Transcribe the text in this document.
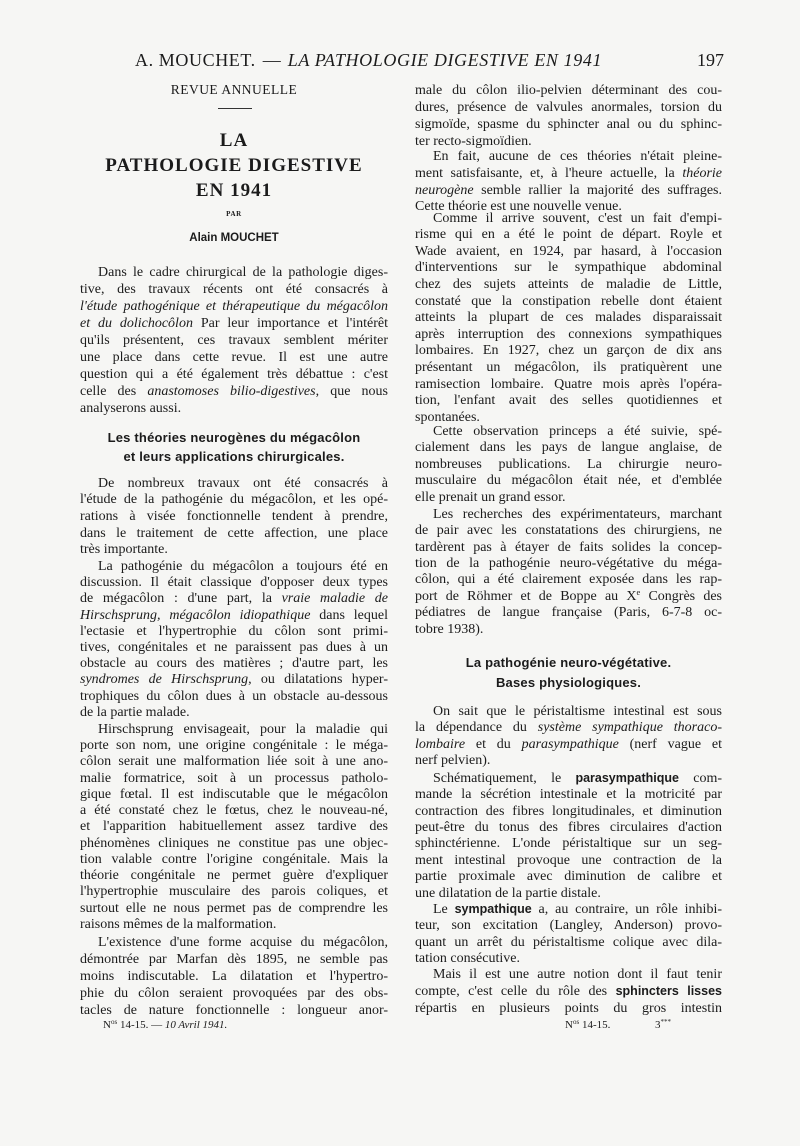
A. MOUCHET. — LA PATHOLOGIE DIGESTIVE EN 1941	197
REVUE ANNUELLE
LA
PATHOLOGIE DIGESTIVE
EN 1941
PAR
Alain MOUCHET
Dans le cadre chirurgical de la pathologie diges-
tive, des travaux récents ont été consacrés à
l'étude pathogénique et thérapeutique du mégacôlon
et du dolichocôlon Par leur importance et l'intérêt
qu'ils présentent, ces travaux semblent mériter
une place dans cette revue. Il est une autre
question qui a été également très débattue : c'est
celle des anastomoses bilio-digestives, que nous
analyserons aussi.
Les théories neurogènes du mégacôlon
et leurs applications chirurgicales.
De nombreux travaux ont été consacrés à
l'étude de la pathogénie du mégacôlon, et les opé-
rations à visée fonctionnelle tendent à prendre,
dans le traitement de cette affection, une place
très importante.
La pathogénie du mégacôlon a toujours été en
discussion. Il était classique d'opposer deux types
de mégacôlon : d'une part, la vraie maladie de
Hirschsprung, mégacôlon idiopathique dans lequel
l'ectasie et l'hypertrophie du côlon sont primi-
tives, congénitales et ne paraissent pas dues à un
obstacle au cours des matières ; d'autre part, les
syndromes de Hirschsprung, ou dilatations hyper-
trophiques du côlon dues à un obstacle au-dessous
de la partie malade.
Hirschsprung envisageait, pour la maladie qui
porte son nom, une origine congénitale : le méga-
côlon serait une malformation liée soit à une ano-
malie formatrice, soit à un processus patholo-
gique fœtal. Il est indiscutable que le mégacôlon
a été constaté chez le fœtus, chez le nouveau-né,
et l'apparition habituellement assez tardive des
phénomènes cliniques ne constitue pas une objec-
tion valable contre l'origine congénitale. Mais la
théorie congénitale ne permet guère d'expliquer
l'hypertrophie musculaire des parois coliques, et
surtout elle ne nous permet pas de comprendre les
raisons mêmes de la malformation.
L'existence d'une forme acquise du mégacôlon,
démontrée par Marfan dès 1895, ne semble pas
moins indiscutable. La dilatation et l'hypertro-
phie du côlon seraient provoquées par des obs-
tacles de nature fonctionnelle : longueur anor-
$N^{os}$ 14-15. — 10 Avril 1941.
male du côlon ilio-pelvien déterminant des cou-
dures, présence de valvules anormales, torsion du
sigmoïde, spasme du sphincter anal ou du sphinc-
ter recto-sigmoïdien.
En fait, aucune de ces théories n'était pleine-
ment satisfaisante, et, à l'heure actuelle, la théorie
neurogène semble rallier la majorité des suffrages.
Cette théorie est une nouvelle venue.
Comme il arrive souvent, c'est un fait d'empi-
risme qui en a été le point de départ. Royle et
Wade avaient, en 1924, par hasard, à l'occasion
d'interventions sur le sympathique abdominal
chez des sujets atteints de maladie de Little,
constaté que la constipation rebelle dont étaient
atteints la plupart de ces malades disparaissait
après interruption des connexions sympathiques
lombaires. En 1927, chez un garçon de dix ans
présentant un mégacôlon, ils pratiquèrent une
ramisection lombaire. Quatre mois après l'opéra-
tion, l'enfant avait des selles quotidiennes et
spontanées.
Cette observation princeps a été suivie, spé-
cialement dans les pays de langue anglaise, de
nombreuses publications. La chirurgie neuro-
musculaire du mégacôlon était née, et d'emblée
elle prenait un grand essor.
Les recherches des expérimentateurs, marchant
de pair avec les constatations des chirurgiens, ne
tardèrent pas à étayer de faits solides la concep-
tion de la pathogénie neuro-végétative du méga-
côlon, qui a été clairement exposée dans les rap-
port de Röhmer et de Boppe au Xe Congrès des
pédiatres de langue française (Paris, 6-7-8 oc-
tobre 1938).
La pathogénie neuro-végétative.
Bases physiologiques.
On sait que le péristaltisme intestinal est sous
la dépendance du système sympathique thoraco-
lombaire et du parasympathique (nerf vague et
nerf pelvien).
Schématiquement, le parasympathique com-
mande la sécrétion intestinale et la motricité par
contraction des fibres longitudinales, et diminution
peut-être du tonus des fibres circulaires d'action
sphinctérienne. L'onde péristaltique sur un seg-
ment intestinal provoque une contraction de la
partie proximale avec diminution de calibre et
une dilatation de la partie distale.
Le sympathique a, au contraire, un rôle inhibi-
teur, son excitation (Langley, Anderson) provo-
quant un arrêt du péristaltisme colique avec dila-
tation consécutive.
Mais il est une autre notion dont il faut tenir
compte, c'est celle du rôle des sphincters lisses
répartis en plusieurs points du gros intestin
$N^{os}$ 14-15.	3***
